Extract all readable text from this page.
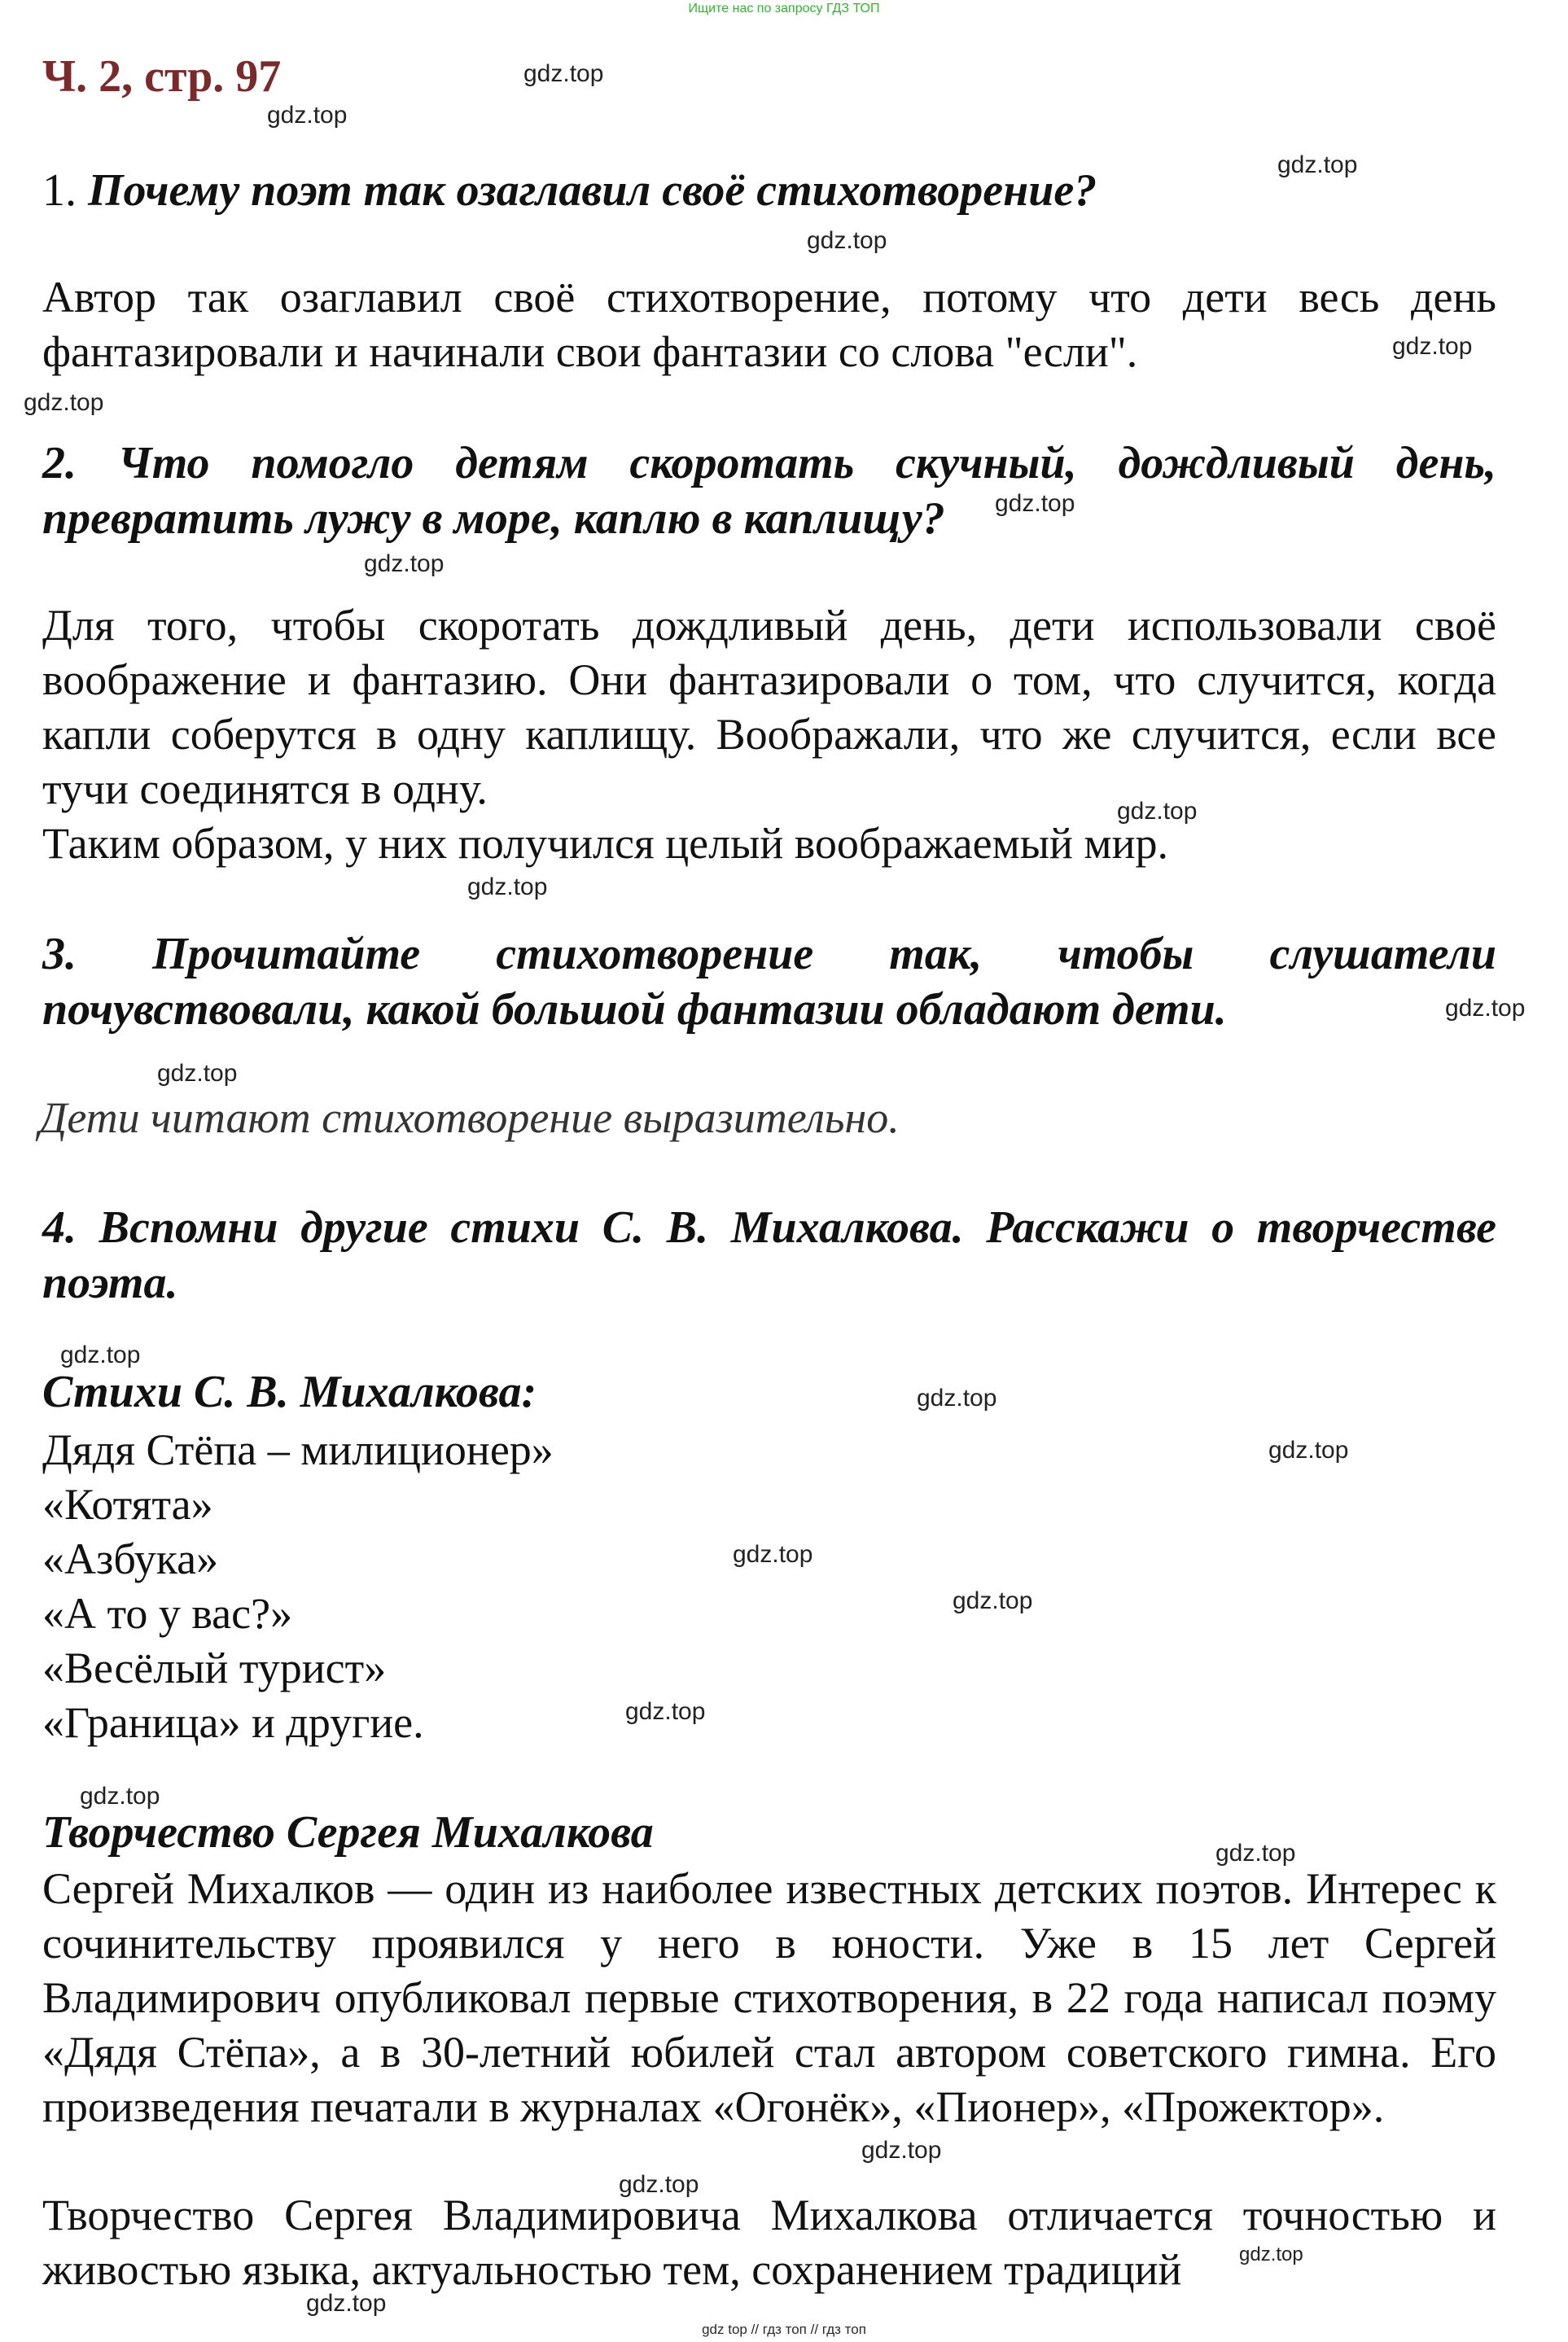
Ищите нас по запросу ГДЗ ТОП
Ч. 2, стр. 97

1. Почему поэт так озаглавил своё стихотворение?

Автор так озаглавил своё стихотворение, потому что дети весь день фантазировали и начинали свои фантазии со слова "если".

2. Что помогло детям скоротать скучный, дождливый день, превратить лужу в море, каплю в каплищу?

Для того, чтобы скоротать дождливый день, дети использовали своё воображение и фантазию. Они фантазировали о том, что случится, когда капли соберутся в одну каплищу. Воображали, что же случится, если все тучи соединятся в одну.

Таким образом, у них получился целый воображаемый мир.

3. Прочитайте стихотворение так, чтобы слушатели почувствовали, какой большой фантазии обладают дети.

Дети читают стихотворение выразительно.

4. Вспомни другие стихи С. В. Михалкова. Расскажи о творчестве поэта.

Стихи С. В. Михалкова:

Дядя Стёпа – милиционер»
«Котята»
«Азбука»
«А то у вас?»
«Весёлый турист»
«Граница» и другие.

Творчество Сергея Михалкова

Сергей Михалков — один из наиболее известных детских поэтов. Интерес к сочинительству проявился у него в юности. Уже в 15 лет Сергей Владимирович опубликовал первые стихотворения, в 22 года написал поэму «Дядя Стёпа», а в 30-летний юбилей стал автором советского гимна. Его произведения печатали в журналах «Огонёк», «Пионер», «Прожектор».

Творчество Сергея Владимировича Михалкова отличается точностью и живостью языка, актуальностью тем, сохранением традиций

gdz.top
gdz.top
gdz.top
gdz.top
gdz.top
gdz.top
gdz.top
gdz.top
gdz.top
gdz.top
gdz.top
gdz.top
gdz.top
gdz.top
gdz.top
gdz.top
gdz.top
gdz.top
gdz.top
gdz.top
gdz.top
gdz.top
gdz.top
gdz.top
gdz top // гдз топ // гдз топ
